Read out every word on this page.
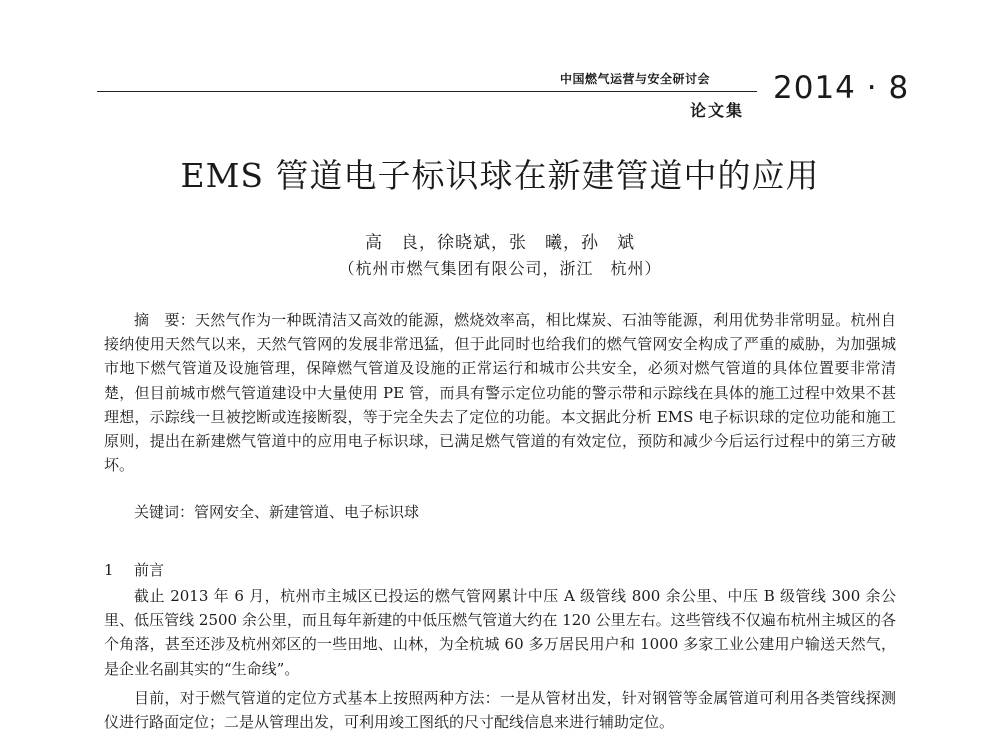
中国燃气运营与安全研讨会 2014 · 8
论文集
EMS 管道电子标识球在新建管道中的应用
高　良，徐晓斌，张　曦，孙　斌
（杭州市燃气集团有限公司，浙江　杭州）

摘　要：天然气作为一种既清洁又高效的能源，燃烧效率高，相比煤炭、石油等能源，利用优势非常明显。杭州自接纳使用天然气以来，天然气管网的发展非常迅猛，但于此同时也给我们的燃气管网安全构成了严重的威胁，为加强城市地下燃气管道及设施管理，保障燃气管道及设施的正常运行和城市公共安全，必须对燃气管道的具体位置要非常清楚，但目前城市燃气管道建设中大量使用 PE 管，而具有警示定位功能的警示带和示踪线在具体的施工过程中效果不甚理想，示踪线一旦被挖断或连接断裂，等于完全失去了定位的功能。本文据此分析 EMS 电子标识球的定位功能和施工原则，提出在新建燃气管道中的应用电子标识球，已满足燃气管道的有效定位，预防和减少今后运行过程中的第三方破坏。

关键词：管网安全、新建管道、电子标识球
1 前言

截止 2013 年 6 月，杭州市主城区已投运的燃气管网累计中压 A 级管线 800 余公里、中压 B 级管线 300 余公里、低压管线 2500 余公里，而且每年新建的中低压燃气管道大约在 120 公里左右。这些管线不仅遍布杭州主城区的各个角落，甚至还涉及杭州郊区的一些田地、山林，为全杭城 60 多万居民用户和 1000 多家工业公建用户输送天然气，是企业名副其实的“生命线”。

目前，对于燃气管道的定位方式基本上按照两种方法：一是从管材出发，针对钢管等金属管道可利用各类管线探测仪进行路面定位；二是从管理出发，可利用竣工图纸的尺寸配线信息来进行辅助定位。
